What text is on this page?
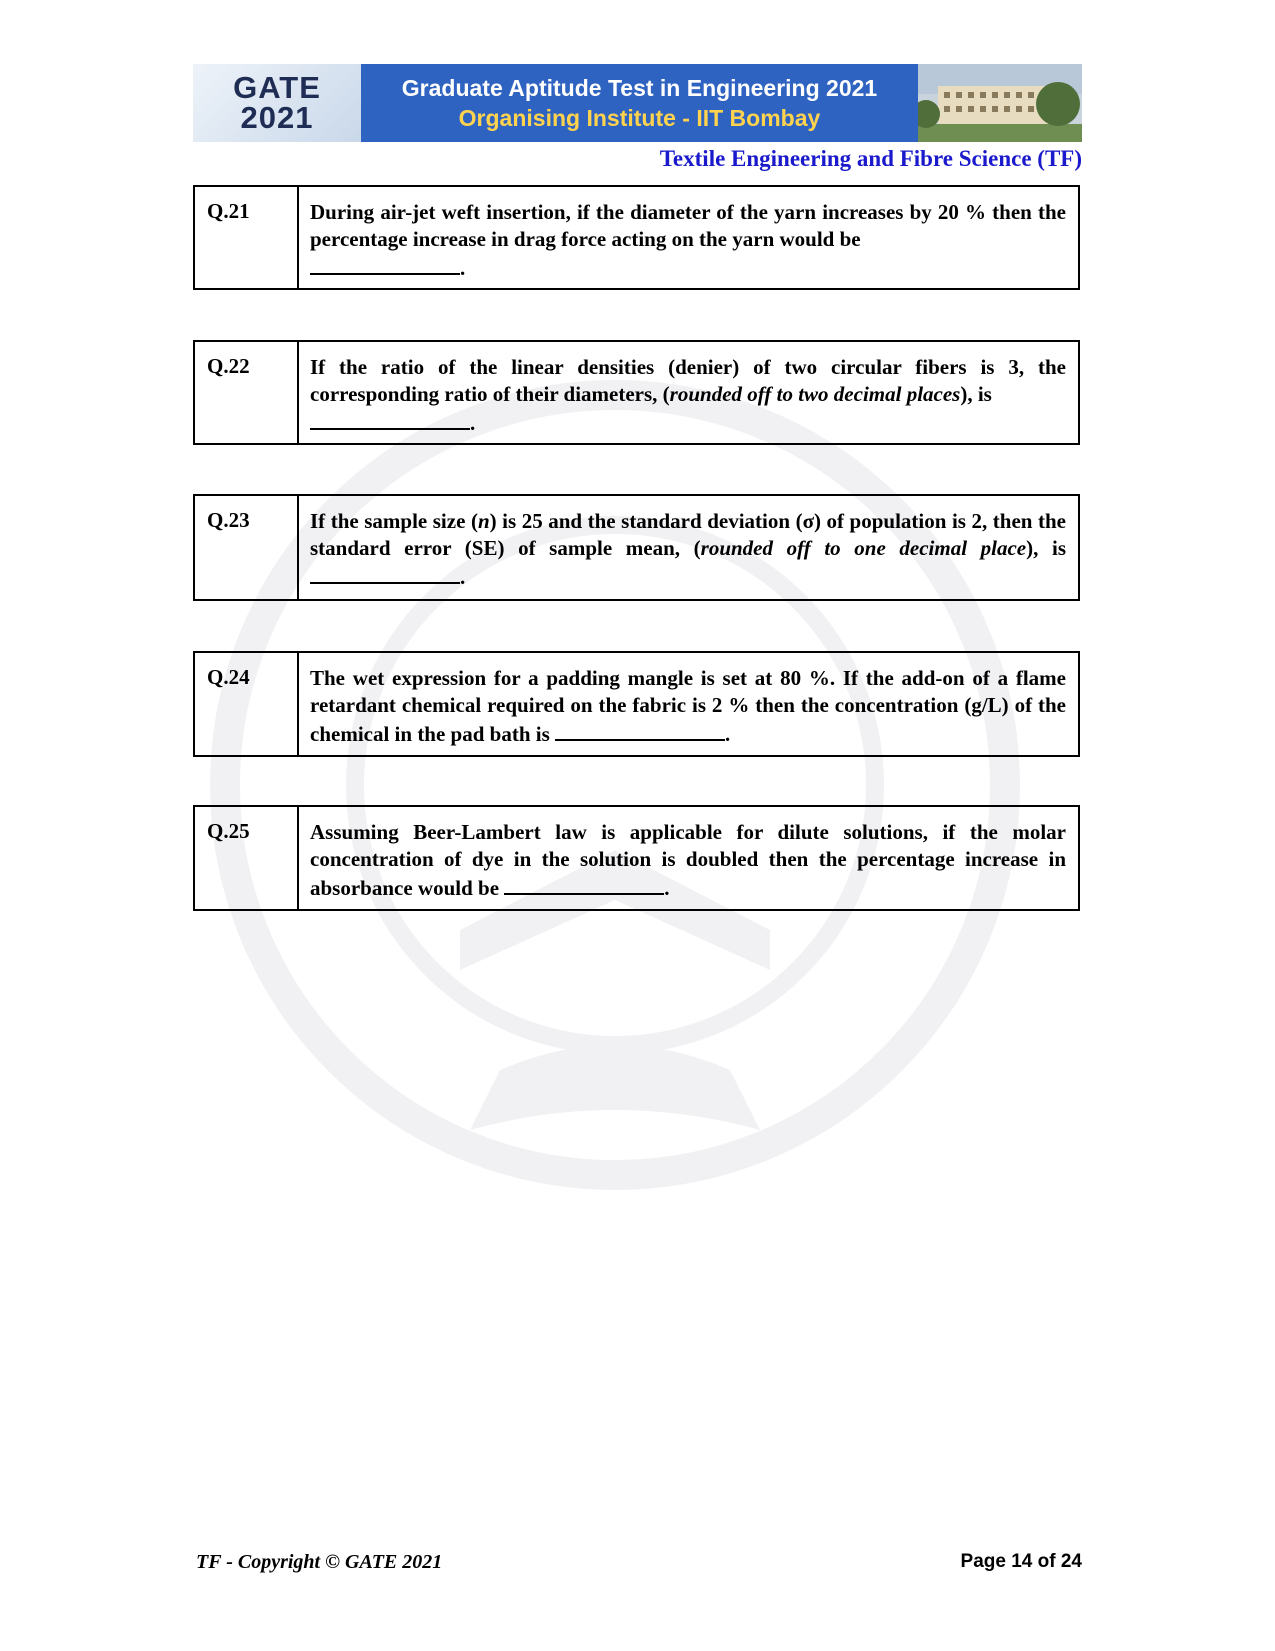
GATE
2021
Graduate Aptitude Test in Engineering 2021
Organising Institute - IIT Bombay
Textile Engineering and Fibre Science (TF)
Q.21	During air-jet weft insertion, if the diameter of the yarn increases by 20 % then the percentage increase in drag force acting on the yarn would be
.
Q.22	If the ratio of the linear densities (denier) of two circular fibers is 3, the corresponding ratio of their diameters, (rounded off to two decimal places), is
.
Q.23	If the sample size (n) is 25 and the standard deviation (σ) of population is 2, then the standard error (SE) of sample mean, (rounded off to one decimal place), is .
Q.24	The wet expression for a padding mangle is set at 80 %. If the add-on of a flame retardant chemical required on the fabric is 2 % then the concentration (g/L) of the chemical in the pad bath is	.
Q.25	Assuming Beer-Lambert law is applicable for dilute solutions, if the molar concentration of dye in the solution is doubled then the percentage increase in absorbance would be	.
TF - Copyright © GATE 2021	Page 14 of 24
